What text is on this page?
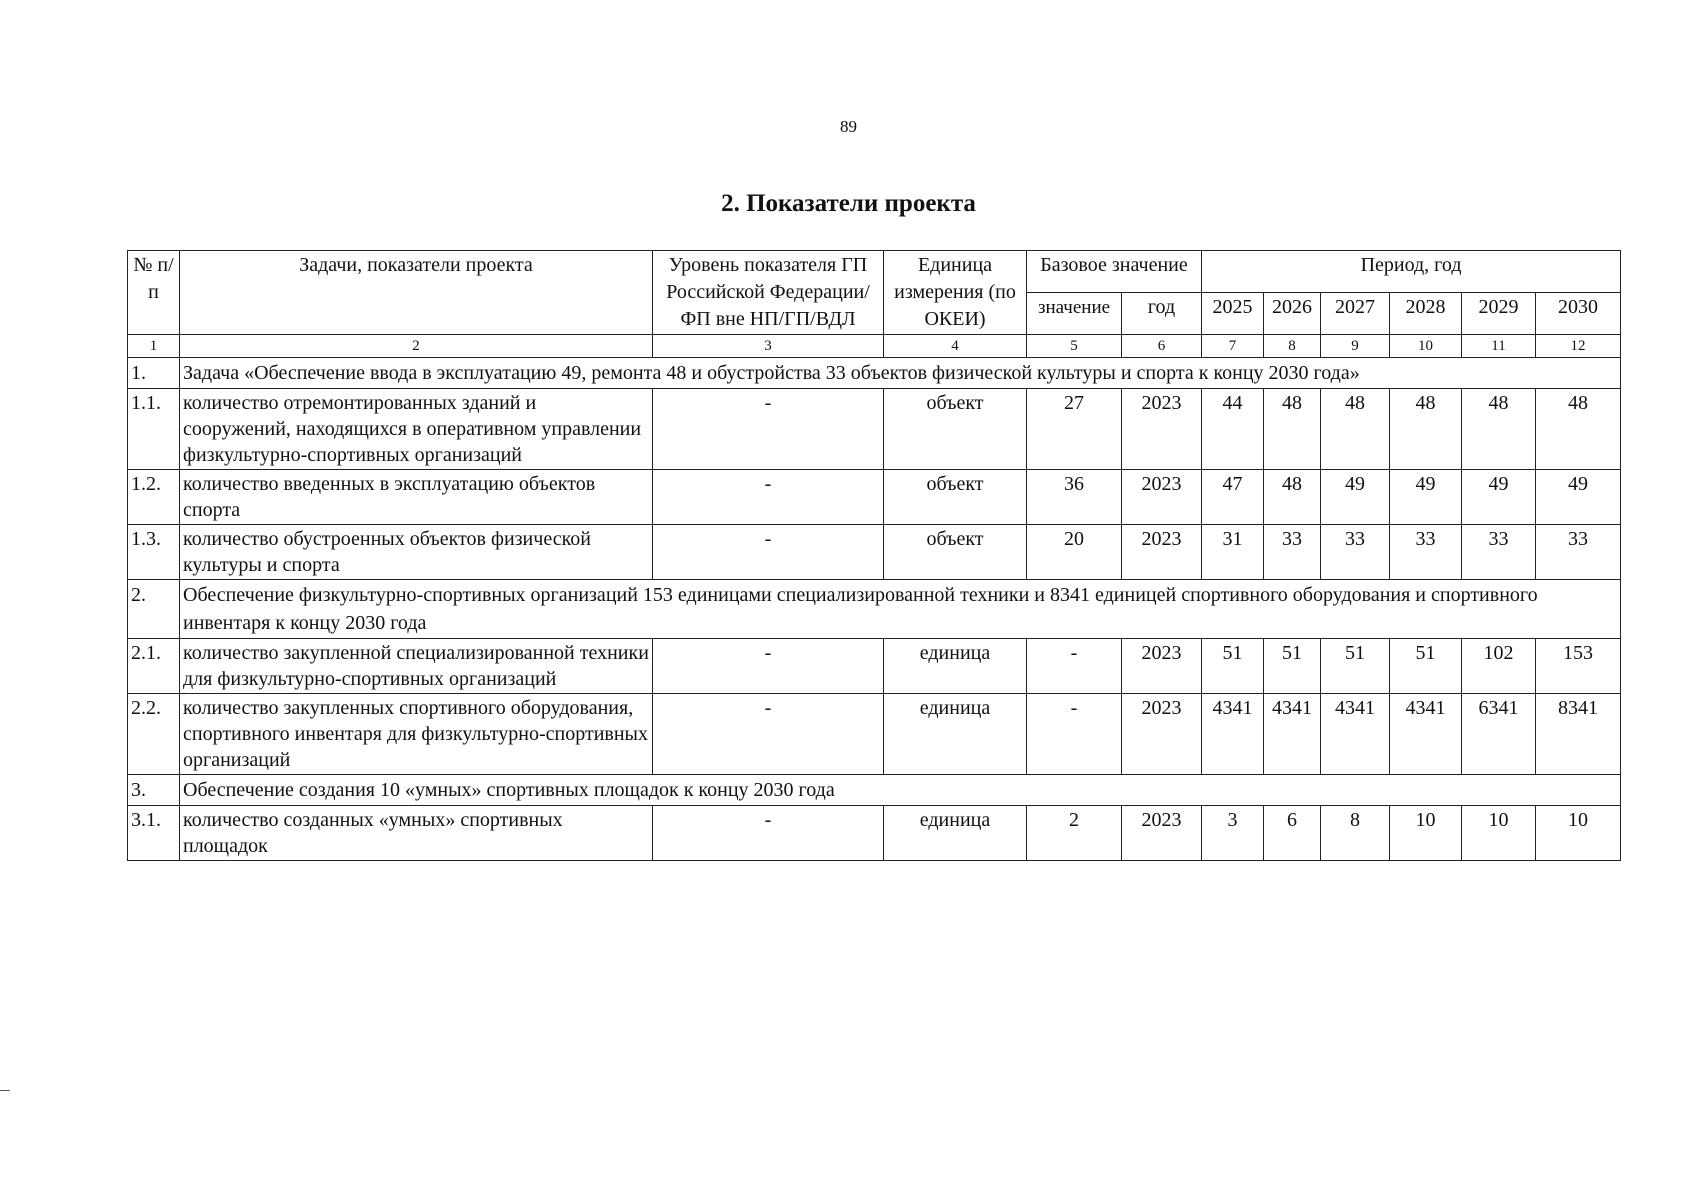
89
2. Показатели проекта
№ п/п	Задачи, показатели проекта	Уровень показателя ГП Российской Федерации/ФП вне НП/ГП/ВДЛ	Единица измерения (по ОКЕИ)	Базовое значение		Период, год					
				значение	год	2025	2026	2027	2028	2029	2030
1	2	3	4	5	6	7	8	9	10	11	12
1.	Задача «Обеспечение ввода в эксплуатацию 49, ремонта 48 и обустройства 33 объектов физической культуры и спорта к концу 2030 года»										
1.1.	количество отремонтированных зданий и сооружений, находящихся в оперативном управлении физкультурно-спортивных организаций	-	объект	27	2023	44	48	48	48	48	48
1.2.	количество введенных в эксплуатацию объектов спорта	-	объект	36	2023	47	48	49	49	49	49
1.3.	количество обустроенных объектов физической культуры и спорта	-	объект	20	2023	31	33	33	33	33	33
2.	Обеспечение физкультурно-спортивных организаций 153 единицами специализированной техники и 8341 единицей спортивного оборудования и спортивного инвентаря к концу 2030 года										
2.1.	количество закупленной специализированной техники для физкультурно-спортивных организаций	-	единица	-	2023	51	51	51	51	102	153
2.2.	количество закупленных спортивного оборудования, спортивного инвентаря для физкультурно-спортивных организаций	-	единица	-	2023	4341	4341	4341	4341	6341	8341
3.	Обеспечение создания 10 «умных» спортивных площадок к концу 2030 года										
3.1.	количество созданных «умных» спортивных площадок	-	единица	2	2023	3	6	8	10	10	10
